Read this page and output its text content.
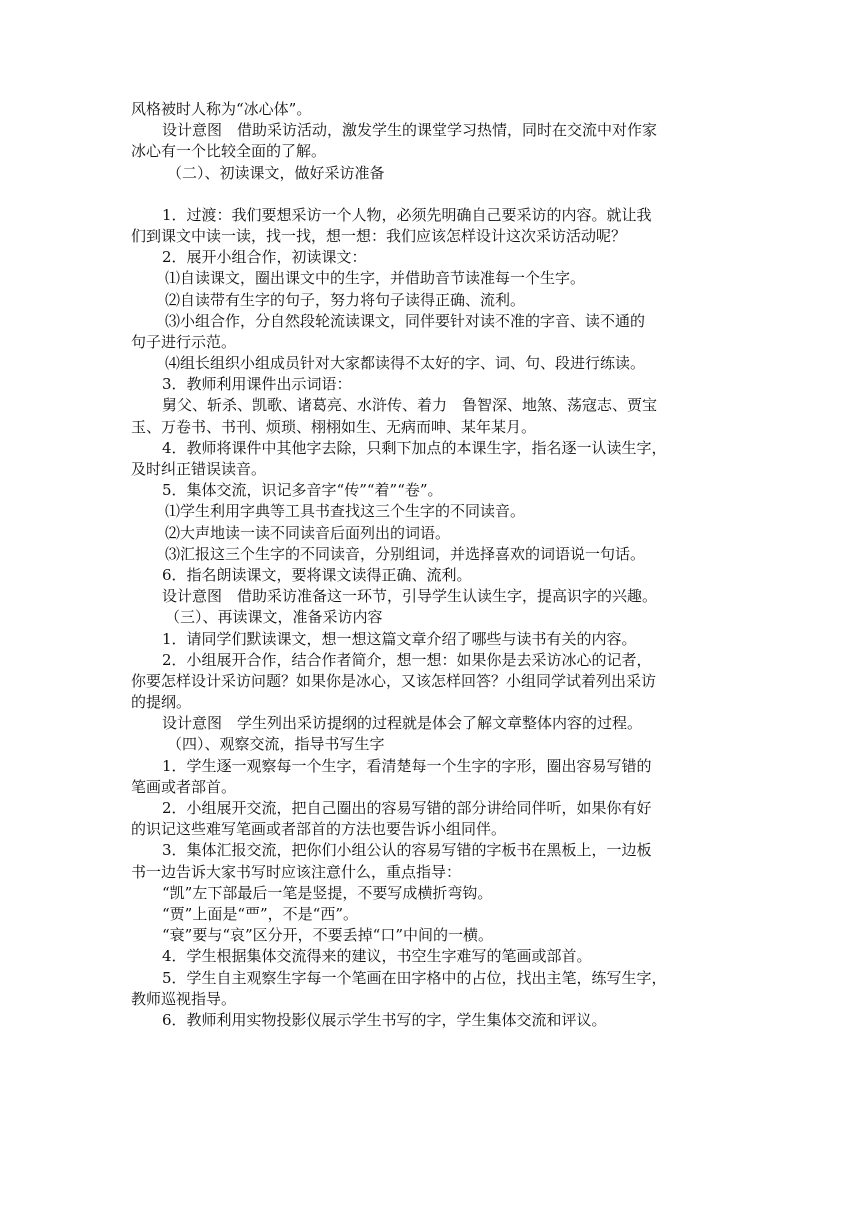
风格被时人称为“冰心体”。
设计意图　借助采访活动，激发学生的课堂学习热情，同时在交流中对作家
冰心有一个比较全面的了解。
（二）、初读课文，做好采访准备
1．过渡：我们要想采访一个人物，必须先明确自己要采访的内容。就让我
们到课文中读一读，找一找，想一想：我们应该怎样设计这次采访活动呢？
2．展开小组合作，初读课文：
⑴自读课文，圈出课文中的生字，并借助音节读准每一个生字。
⑵自读带有生字的句子，努力将句子读得正确、流利。
⑶小组合作，分自然段轮流读课文，同伴要针对读不准的字音、读不通的
句子进行示范。
⑷组长组织小组成员针对大家都读得不太好的字、词、句、段进行练读。
3．教师利用课件出示词语：
舅父、斩杀、凯歌、诸葛亮、水浒传、着力　鲁智深、地煞、荡寇志、贾宝
玉、万卷书、书刊、烦琐、栩栩如生、无病而呻、某年某月。
4．教师将课件中其他字去除，只剩下加点的本课生字，指名逐一认读生字，
及时纠正错误读音。
5．集体交流，识记多音字“传”“着”“卷”。
⑴学生利用字典等工具书查找这三个生字的不同读音。
⑵大声地读一读不同读音后面列出的词语。
⑶汇报这三个生字的不同读音，分别组词，并选择喜欢的词语说一句话。
6．指名朗读课文，要将课文读得正确、流利。
设计意图　借助采访准备这一环节，引导学生认读生字，提高识字的兴趣。
（三）、再读课文，准备采访内容
1．请同学们默读课文，想一想这篇文章介绍了哪些与读书有关的内容。
2．小组展开合作，结合作者简介，想一想：如果你是去采访冰心的记者，
你要怎样设计采访问题？如果你是冰心，又该怎样回答？小组同学试着列出采访
的提纲。
设计意图　学生列出采访提纲的过程就是体会了解文章整体内容的过程。
（四）、观察交流，指导书写生字
1．学生逐一观察每一个生字，看清楚每一个生字的字形，圈出容易写错的
笔画或者部首。
2．小组展开交流，把自己圈出的容易写错的部分讲给同伴听，如果你有好
的识记这些难写笔画或者部首的方法也要告诉小组同伴。
3．集体汇报交流，把你们小组公认的容易写错的字板书在黑板上，一边板
书一边告诉大家书写时应该注意什么，重点指导：
“凯”左下部最后一笔是竖提，不要写成横折弯钩。
“贾”上面是“覀”，不是“西”。
“衰”要与“哀”区分开，不要丢掉“口”中间的一横。
4．学生根据集体交流得来的建议，书空生字难写的笔画或部首。
5．学生自主观察生字每一个笔画在田字格中的占位，找出主笔，练写生字，
教师巡视指导。
6．教师利用实物投影仪展示学生书写的字，学生集体交流和评议。
